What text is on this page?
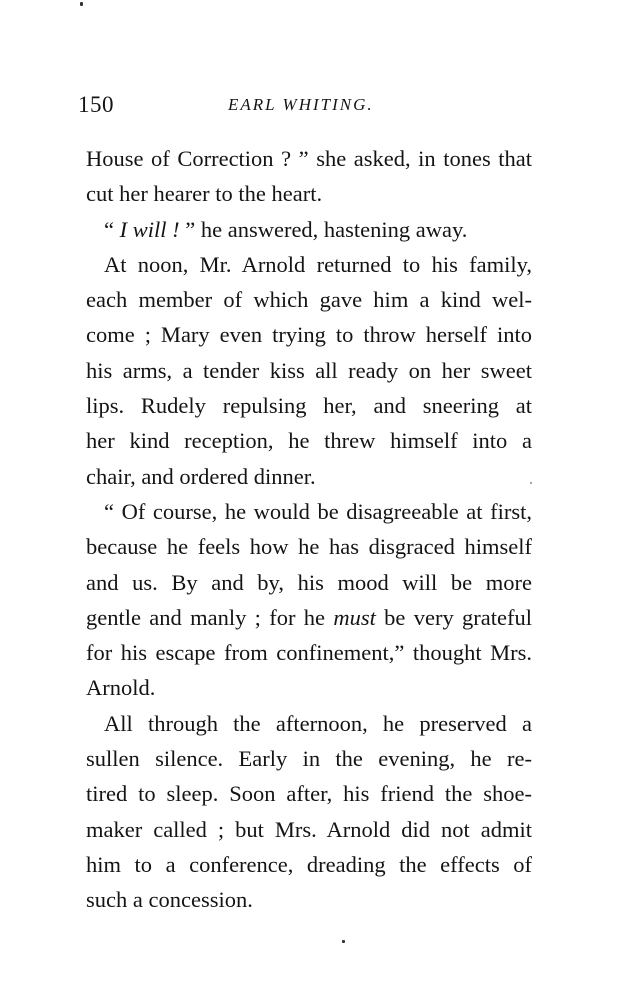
150	EARL WHITING.
House of Correction ? ” she asked, in tones that
cut her hearer to the heart.
“ I will ! ” he answered, hastening away.
At noon, Mr. Arnold returned to his family,
each member of which gave him a kind wel-
come ; Mary even trying to throw herself into
his arms, a tender kiss all ready on her sweet
lips. Rudely repulsing her, and sneering at
her kind reception, he threw himself into a
chair, and ordered dinner.
“ Of course, he would be disagreeable at first,
because he feels how he has disgraced himself
and us. By and by, his mood will be more
gentle and manly ; for he must be very grateful
for his escape from confinement,” thought Mrs.
Arnold.
All through the afternoon, he preserved a
sullen silence. Early in the evening, he re-
tired to sleep. Soon after, his friend the shoe-
maker called ; but Mrs. Arnold did not admit
him to a conference, dreading the effects of
such a concession.
